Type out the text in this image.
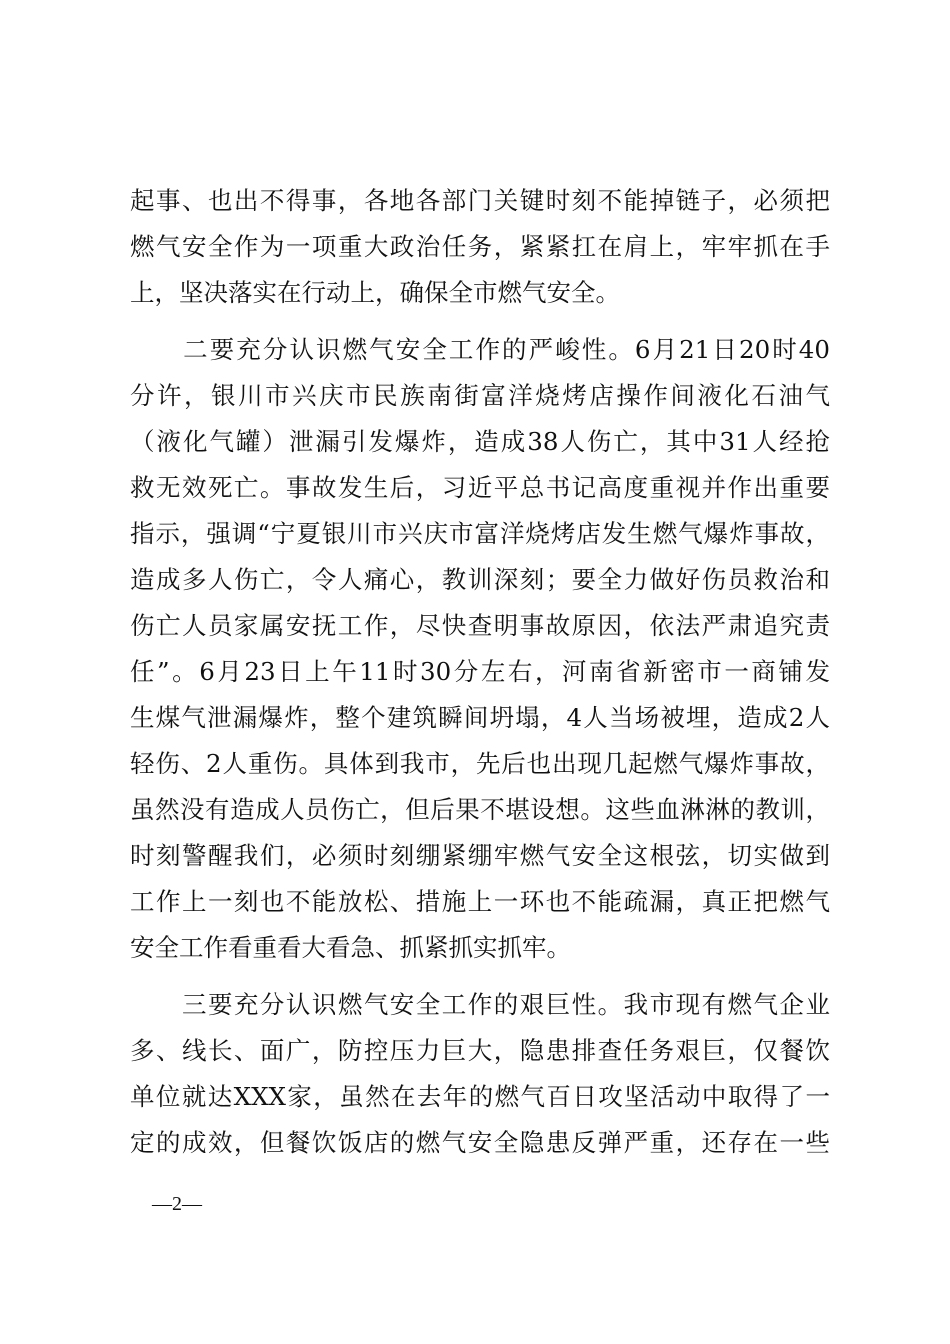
起事、也出不得事，各地各部门关键时刻不能掉链子，必须把
燃气安全作为一项重大政治任务，紧紧扛在肩上，牢牢抓在手
上，坚决落实在行动上，确保全市燃气安全。
　　二要充分认识燃气安全工作的严峻性。6月21日20时40
分许，银川市兴庆市民族南街富洋烧烤店操作间液化石油气
（液化气罐）泄漏引发爆炸，造成38人伤亡，其中31人经抢
救无效死亡。事故发生后，习近平总书记高度重视并作出重要
指示，强调“宁夏银川市兴庆市富洋烧烤店发生燃气爆炸事故，
造成多人伤亡，令人痛心，教训深刻；要全力做好伤员救治和
伤亡人员家属安抚工作，尽快查明事故原因，依法严肃追究责
任”。6月23日上午11时30分左右，河南省新密市一商铺发
生煤气泄漏爆炸，整个建筑瞬间坍塌，4人当场被埋，造成2人
轻伤、2人重伤。具体到我市，先后也出现几起燃气爆炸事故，
虽然没有造成人员伤亡，但后果不堪设想。这些血淋淋的教训，
时刻警醒我们，必须时刻绷紧绷牢燃气安全这根弦，切实做到
工作上一刻也不能放松、措施上一环也不能疏漏，真正把燃气
安全工作看重看大看急、抓紧抓实抓牢。
　　三要充分认识燃气安全工作的艰巨性。我市现有燃气企业
多、线长、面广，防控压力巨大，隐患排查任务艰巨，仅餐饮
单位就达XXX家，虽然在去年的燃气百日攻坚活动中取得了一
定的成效，但餐饮饭店的燃气安全隐患反弹严重，还存在一些
—2—
